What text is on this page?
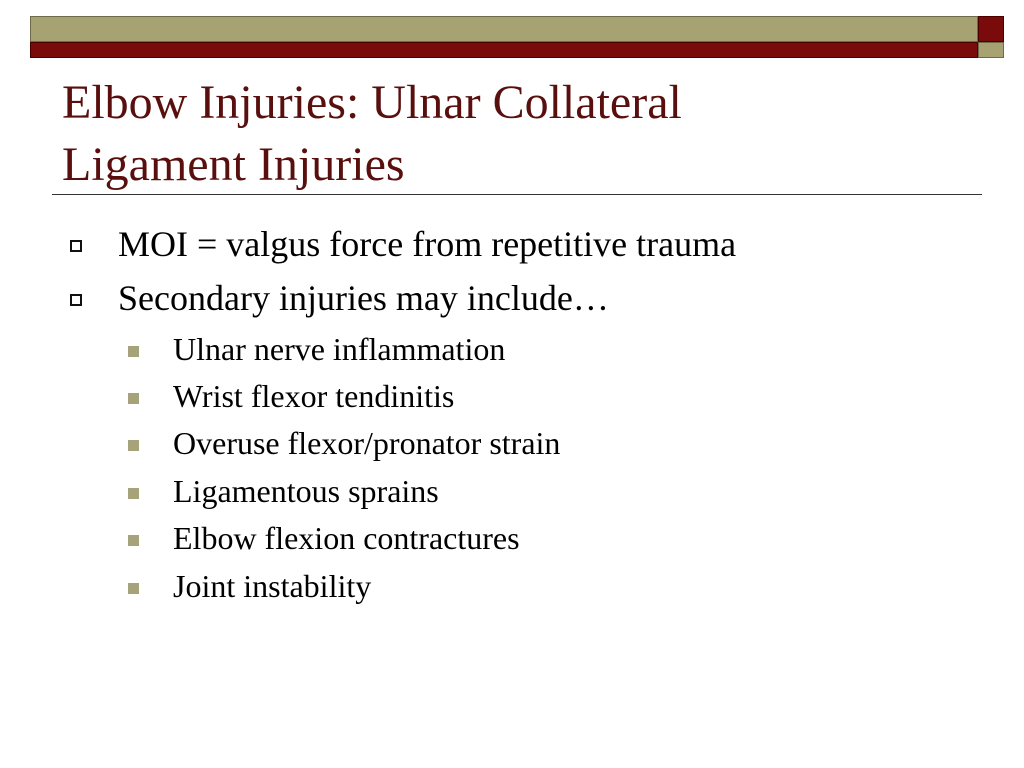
Elbow Injuries: Ulnar Collateral
Ligament Injuries
MOI = valgus force from repetitive trauma
Secondary injuries may include…
Ulnar nerve inflammation
Wrist flexor tendinitis
Overuse flexor/pronator strain
Ligamentous sprains
Elbow flexion contractures
Joint instability
